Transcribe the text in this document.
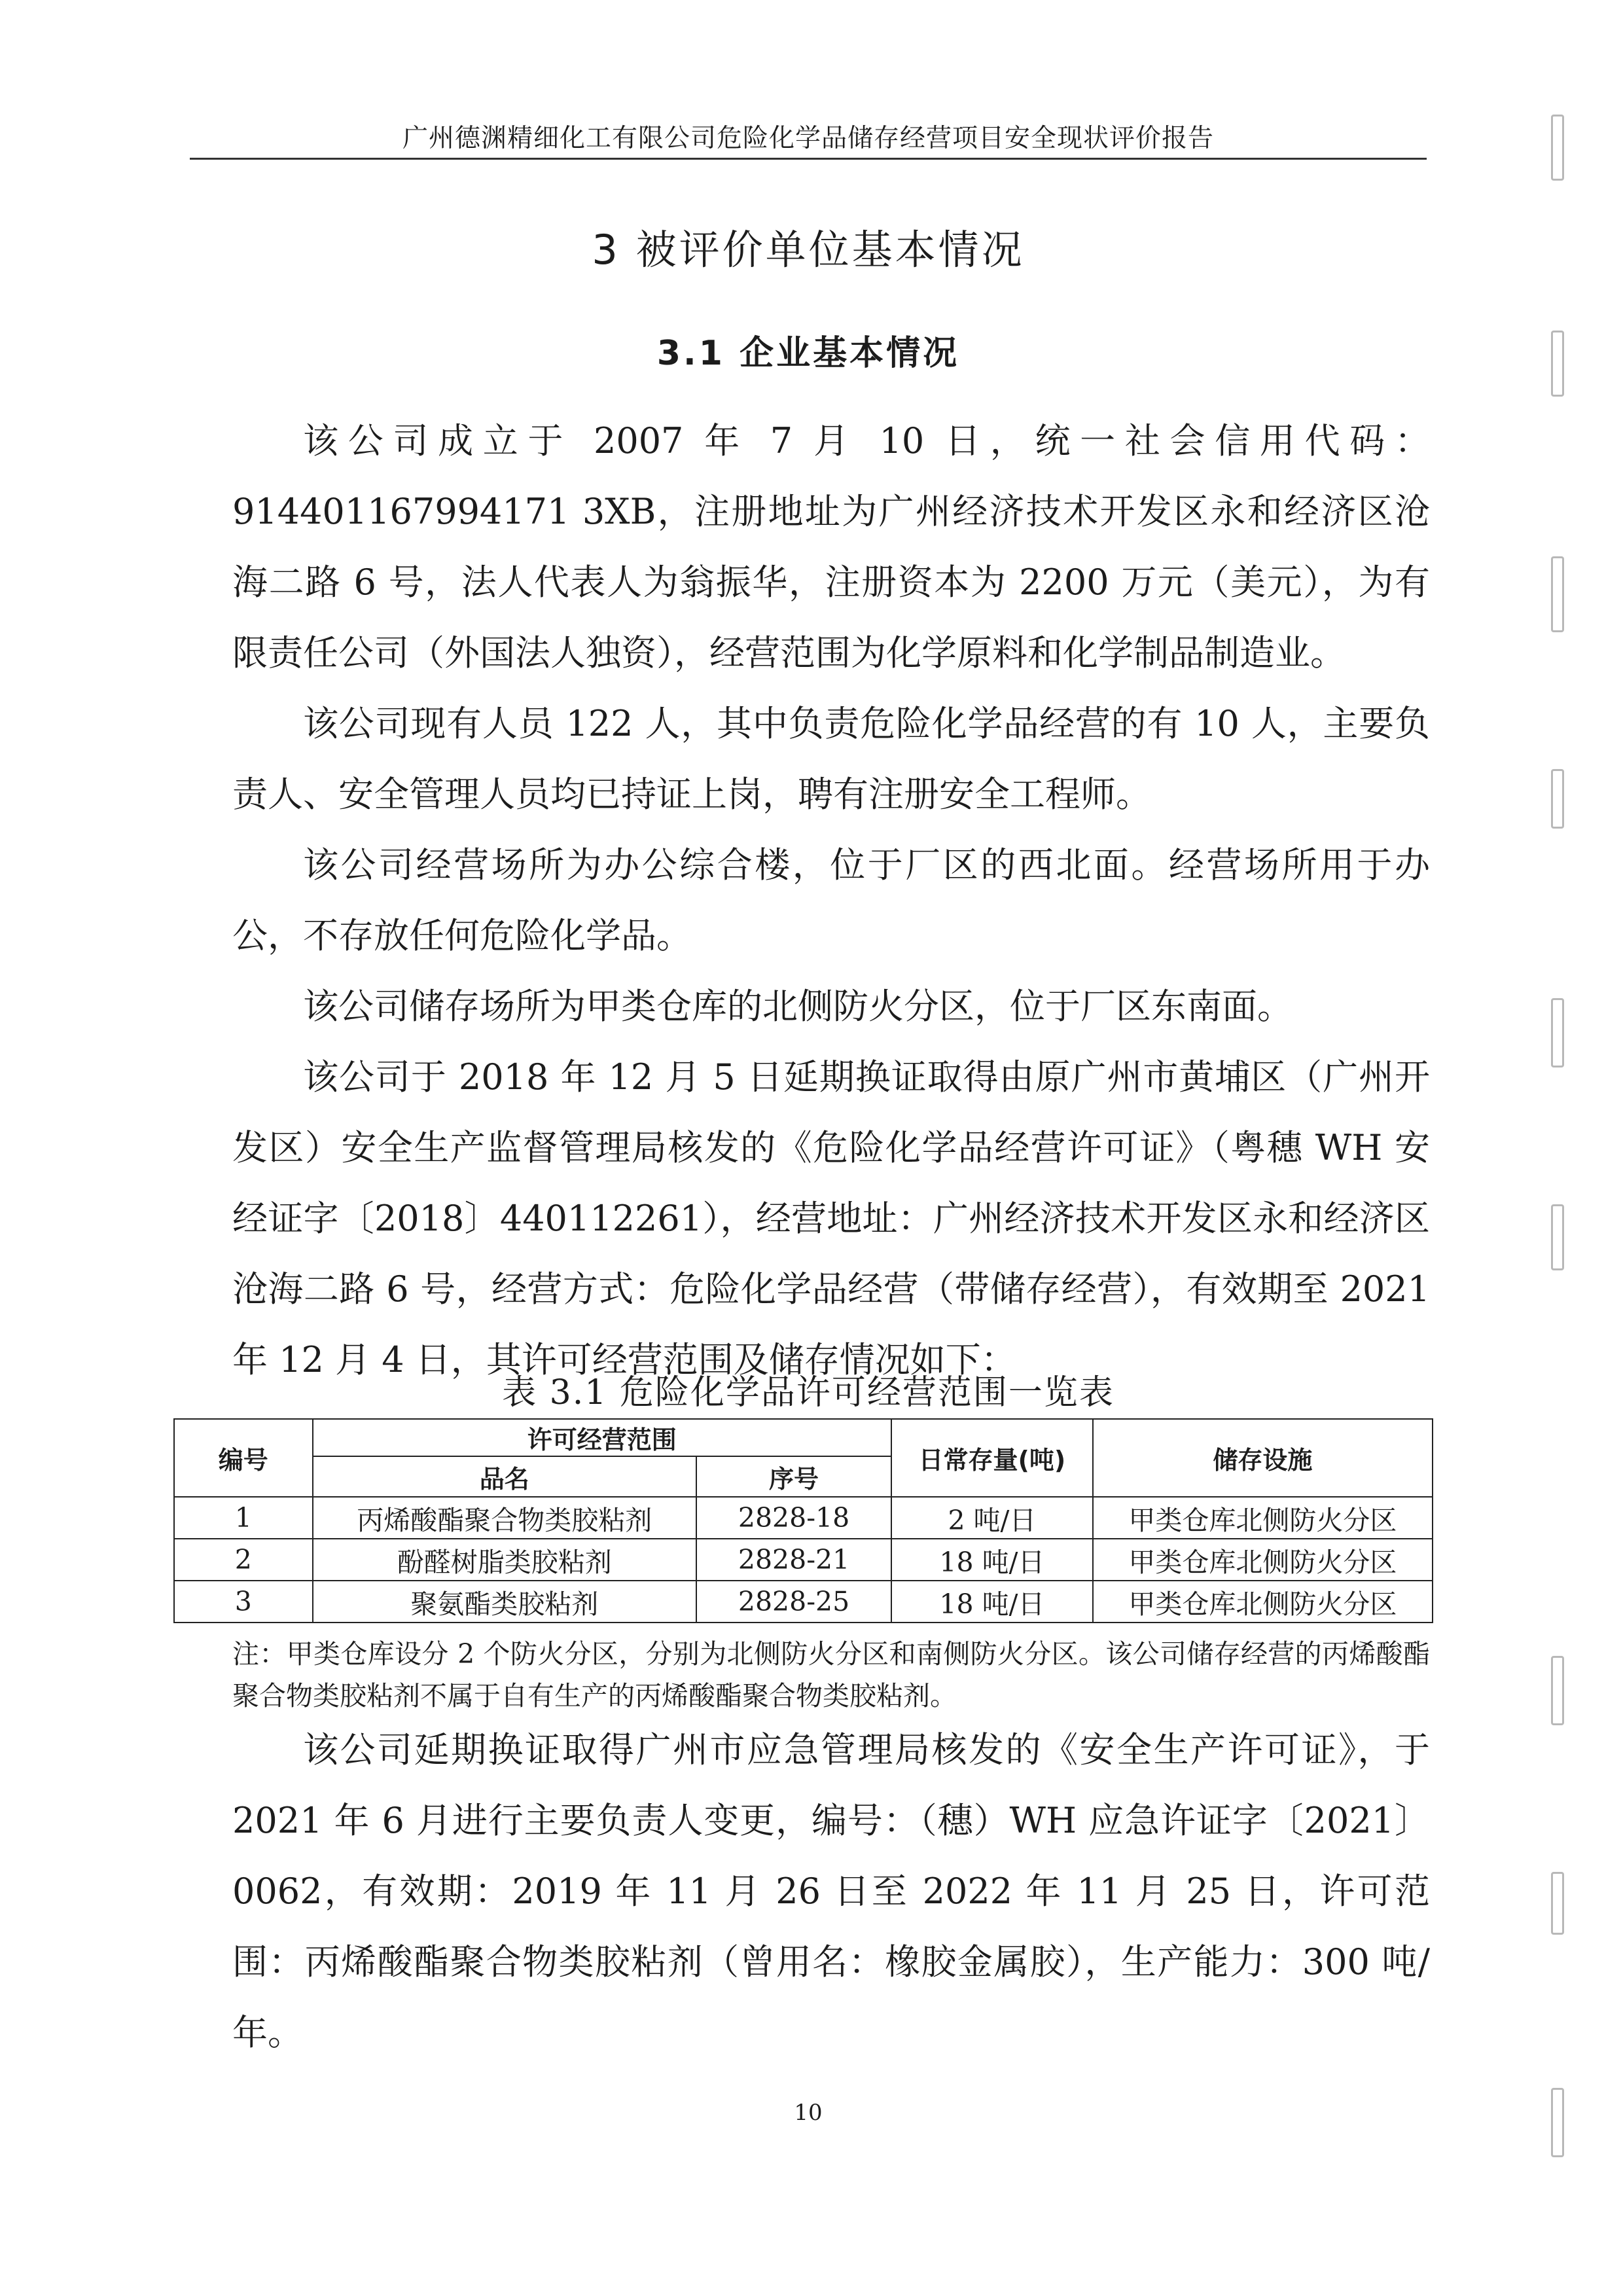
广州德渊精细化工有限公司危险化学品储存经营项目安全现状评价报告
3 被评价单位基本情况
3.1 企业基本情况

该公司成立于 2007 年 7 月 10 日，统一社会信用代码：914401167994171 3XB，注册地址为广州经济技术开发区永和经济区沧海二路 6 号，法人代表人为翁振华，注册资本为 2200 万元（美元），为有限责任公司（外国法人独资），经营范围为化学原料和化学制品制造业。

该公司现有人员 122 人，其中负责危险化学品经营的有 10 人，主要负责人、安全管理人员均已持证上岗，聘有注册安全工程师。

该公司经营场所为办公综合楼，位于厂区的西北面。经营场所用于办公，不存放任何危险化学品。

该公司储存场所为甲类仓库的北侧防火分区，位于厂区东南面。

该公司于 2018 年 12 月 5 日延期换证取得由原广州市黄埔区（广州开发区）安全生产监督管理局核发的《危险化学品经营许可证》（粤穗 WH 安经证字〔2018〕440112261），经营地址：广州经济技术开发区永和经济区沧海二路 6 号，经营方式：危险化学品经营（带储存经营），有效期至 2021 年 12 月 4 日，其许可经营范围及储存情况如下：

表 3.1 危险化学品许可经营范围一览表
编号	许可经营范围		日常存量(吨)	储存设施
	品名	序号		
1	丙烯酸酯聚合物类胶粘剂	2828-18	2 吨/日	甲类仓库北侧防火分区
2	酚醛树脂类胶粘剂	2828-21	18 吨/日	甲类仓库北侧防火分区
3	聚氨酯类胶粘剂	2828-25	18 吨/日	甲类仓库北侧防火分区

注：甲类仓库设分 2 个防火分区，分别为北侧防火分区和南侧防火分区。该公司储存经营的丙烯酸酯聚合物类胶粘剂不属于自有生产的丙烯酸酯聚合物类胶粘剂。

该公司延期换证取得广州市应急管理局核发的《安全生产许可证》，于 2021 年 6 月进行主要负责人变更，编号：（穗）WH 应急许证字〔2021〕0062，有效期：2019 年 11 月 26 日至 2022 年 11 月 25 日，许可范围：丙烯酸酯聚合物类胶粘剂（曾用名：橡胶金属胶），生产能力：300 吨/年。

10
